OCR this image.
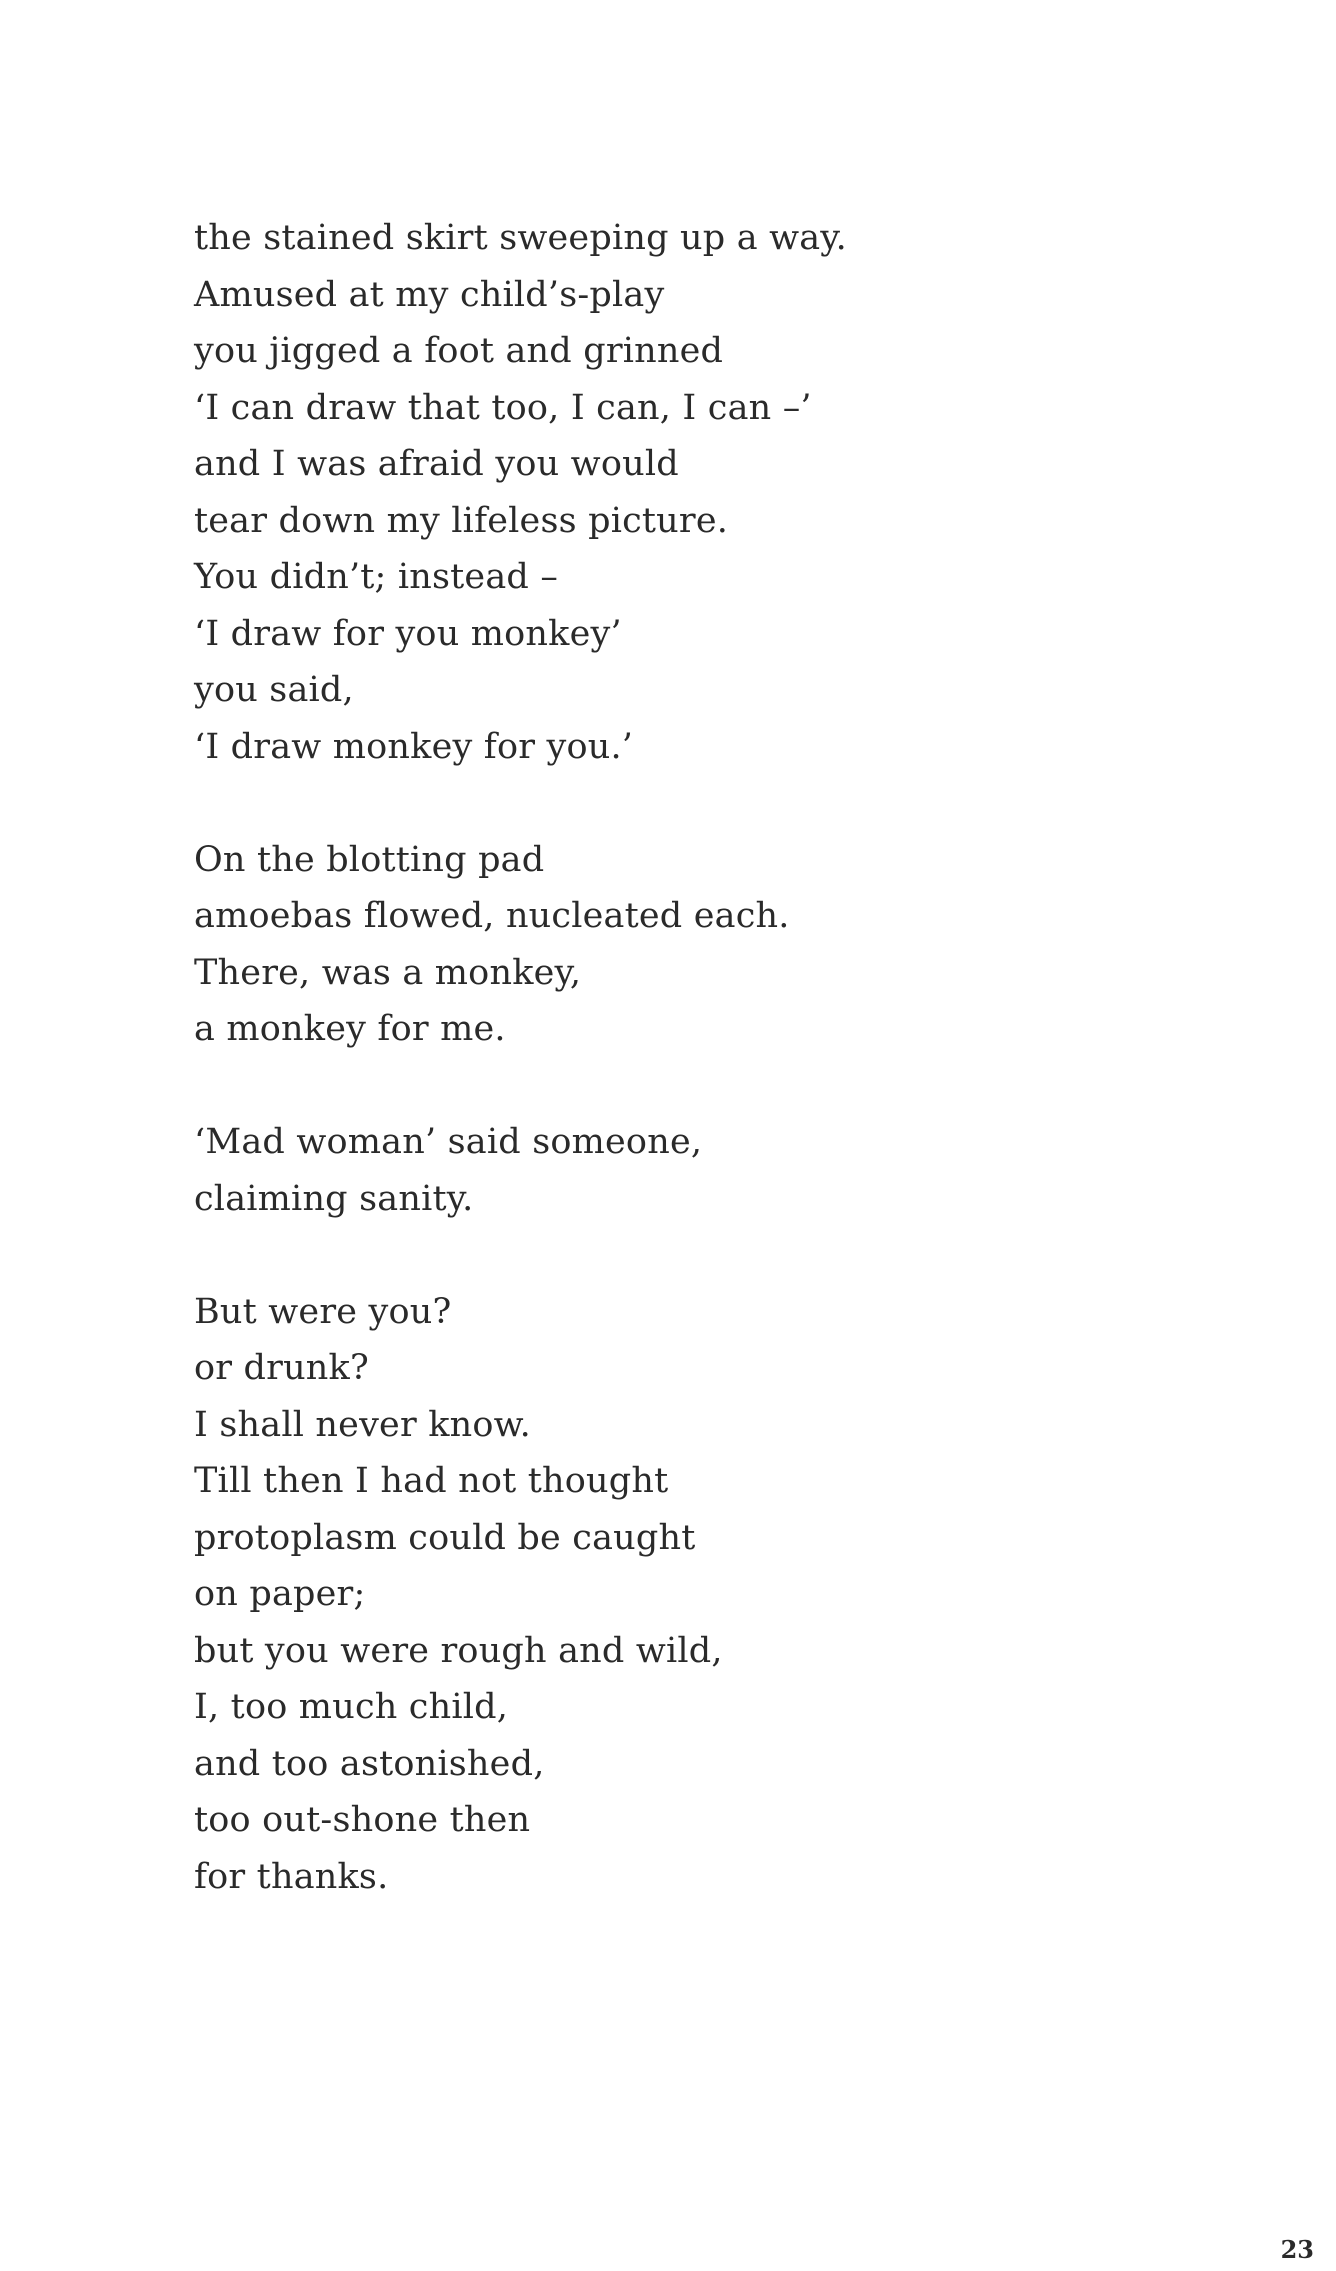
the stained skirt sweeping up a way.
Amused at my child’s-play
you jigged a foot and grinned
‘I can draw that too, I can, I can –’
and I was afraid you would
tear down my lifeless picture.
You didn’t; instead –
‘I draw for you monkey’
you said,
‘I draw monkey for you.’
On the blotting pad
amoebas flowed, nucleated each.
There, was a monkey,
a monkey for me.
‘Mad woman’ said someone,
claiming sanity.
But were you?
or drunk?
I shall never know.
Till then I had not thought
protoplasm could be caught
on paper;
but you were rough and wild,
I, too much child,
and too astonished,
too out-shone then
for thanks.
23
